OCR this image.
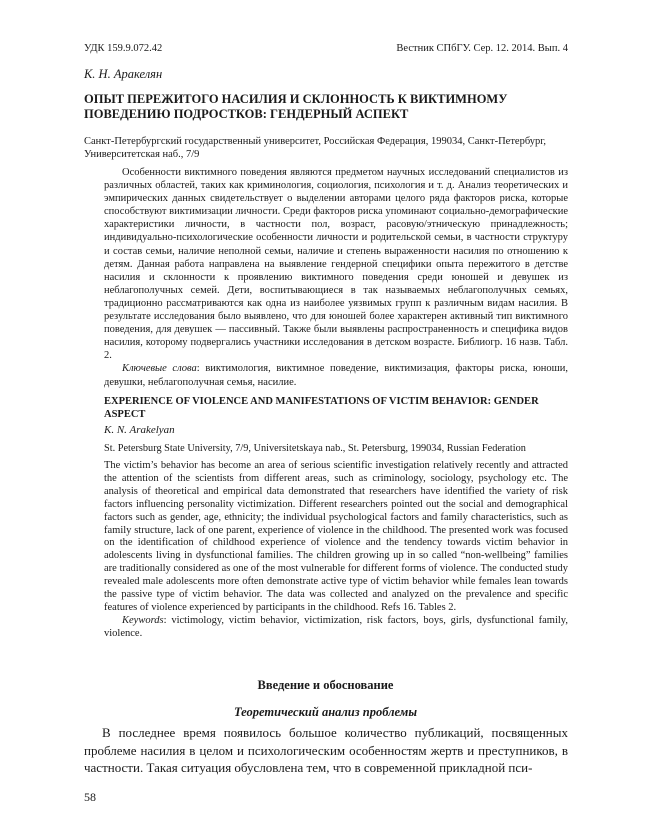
УДК 159.9.072.42	Вестник СПбГУ. Сер. 12. 2014. Вып. 4
К. Н. Аракелян
ОПЫТ ПЕРЕЖИТОГО НАСИЛИЯ И СКЛОННОСТЬ К ВИКТИМНОМУ ПОВЕДЕНИЮ ПОДРОСТКОВ: ГЕНДЕРНЫЙ АСПЕКТ
Санкт-Петербургский государственный университет, Российская Федерация, 199034, Санкт-Петербург, Университетская наб., 7/9

Особенности виктимного поведения являются предметом научных исследований специалистов из различных областей, таких как криминология, социология, психология и т. д. Анализ теоретических и эмпирических данных свидетельствует о выделении авторами целого ряда факторов риска, которые способствуют виктимизации личности. Среди факторов риска упоминают социально-демографические характеристики личности, в частности пол, возраст, расовую/этническую принадлежность; индивидуально-психологические особенности личности и родительской семьи, в частности структуру и состав семьи, наличие неполной семьи, наличие и степень выраженности насилия по отношению к детям. Данная работа направлена на выявление гендерной специфики опыта пережитого в детстве насилия и склонности к проявлению виктимного поведения среди юношей и девушек из неблагополучных семей. Дети, воспитывающиеся в так называемых неблагополучных семьях, традиционно рассматриваются как одна из наиболее уязвимых групп к различным видам насилия. В результате исследования было выявлено, что для юношей более характерен активный тип виктимного поведения, для девушек — пассивный. Также были выявлены распространенность и специфика видов насилия, которому подвергались участники исследования в детском возрасте. Библиогр. 16 назв. Табл. 2.

Ключевые слова: виктимология, виктимное поведение, виктимизация, факторы риска, юноши, девушки, неблагополучная семья, насилие.

EXPERIENCE OF VIOLENCE AND MANIFESTATIONS OF VICTIM BEHAVIOR: GENDER ASPECT
K. N. Arakelyan
St. Petersburg State University, 7/9, Universitetskaya nab., St. Petersburg, 199034, Russian Federation

The victim’s behavior has become an area of serious scientific investigation relatively recently and attracted the attention of the scientists from different areas, such as criminology, sociology, psychology etc. The analysis of theoretical and empirical data demonstrated that researchers have identified the variety of risk factors influencing personality victimization. Different researchers pointed out the social and demographical factors such as gender, age, ethnicity; the individual psychological factors and family characteristics, such as family structure, lack of one parent, experience of violence in the childhood. The presented work was focused on the identification of childhood experience of violence and the tendency towards victim behavior in adolescents living in dysfunctional families. The children growing up in so called “non-wellbeing” families are traditionally considered as one of the most vulnerable for different forms of violence. The conducted study revealed male adolescents more often demonstrate active type of victim behavior while females lean towards the passive type of victim behavior. The data was collected and analyzed on the prevalence and specific features of violence experienced by participants in the childhood. Refs 16. Tables 2.

Keywords: victimology, victim behavior, victimization, risk factors, boys, girls, dysfunctional family, violence.

Введение и обоснование
Теоретический анализ проблемы

В последнее время появилось большое количество публикаций, посвященных проблеме насилия в целом и психологическим особенностям жертв и преступников, в частности. Такая ситуация обусловлена тем, что в современной прикладной пси-

58
